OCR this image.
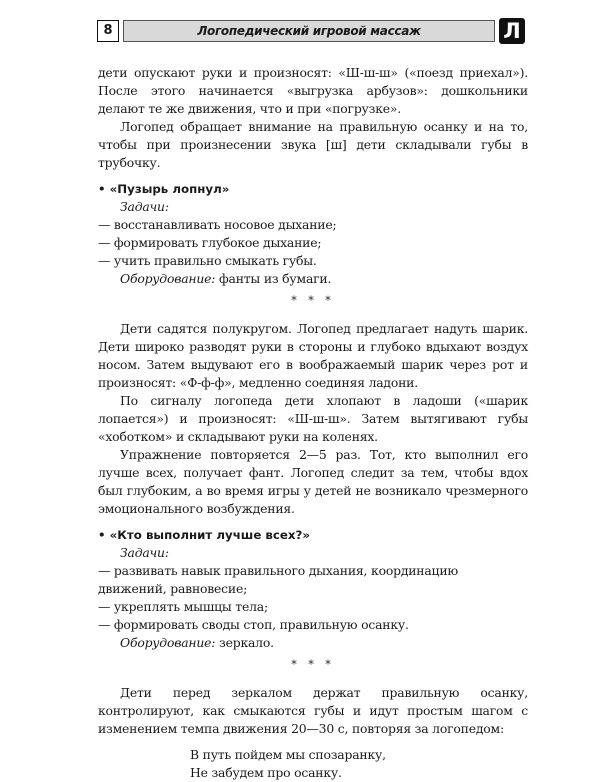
8	Логопедический игровой массаж	Л

дети опускают руки и произносят: «Ш-ш-ш» («поезд приехал»). После этого начинается «выгрузка арбузов»: дошкольники делают те же движения, что и при «погрузке».

Логопед обращает внимание на правильную осанку и на то, чтобы при произнесении звука [ш] дети складывали губы в трубочку.

• «Пузырь лопнул»

Задачи:

— восстанавливать носовое дыхание;

— формировать глубокое дыхание;

— учить правильно смыкать губы.

Оборудование: фанты из бумаги.

* * *

Дети садятся полукругом. Логопед предлагает надуть шарик. Дети широко разводят руки в стороны и глубоко вдыхают воздух носом. Затем выдувают его в воображаемый шарик через рот и произносят: «Ф-ф-ф», медленно соединяя ладони.

По сигналу логопеда дети хлопают в ладоши («шарик лопается») и произносят: «Ш-ш-ш». Затем вытягивают губы «хоботком» и складывают руки на коленях.

Упражнение повторяется 2—5 раз. Тот, кто выполнил его лучше всех, получает фант. Логопед следит за тем, чтобы вдох был глубоким, а во время игры у детей не возникало чрезмерного эмоционального возбуждения.

• «Кто выполнит лучше всех?»

Задачи:

— развивать навык правильного дыхания, координацию движений, равновесие;

— укреплять мышцы тела;

— формировать своды стоп, правильную осанку.

Оборудование: зеркало.

* * *

Дети перед зеркалом держат правильную осанку, контролируют, как смыкаются губы и идут простым шагом с изменением темпа движения 20—30 с, повторяя за логопедом:

В путь пойдем мы спозаранку,

Не забудем про осанку.
